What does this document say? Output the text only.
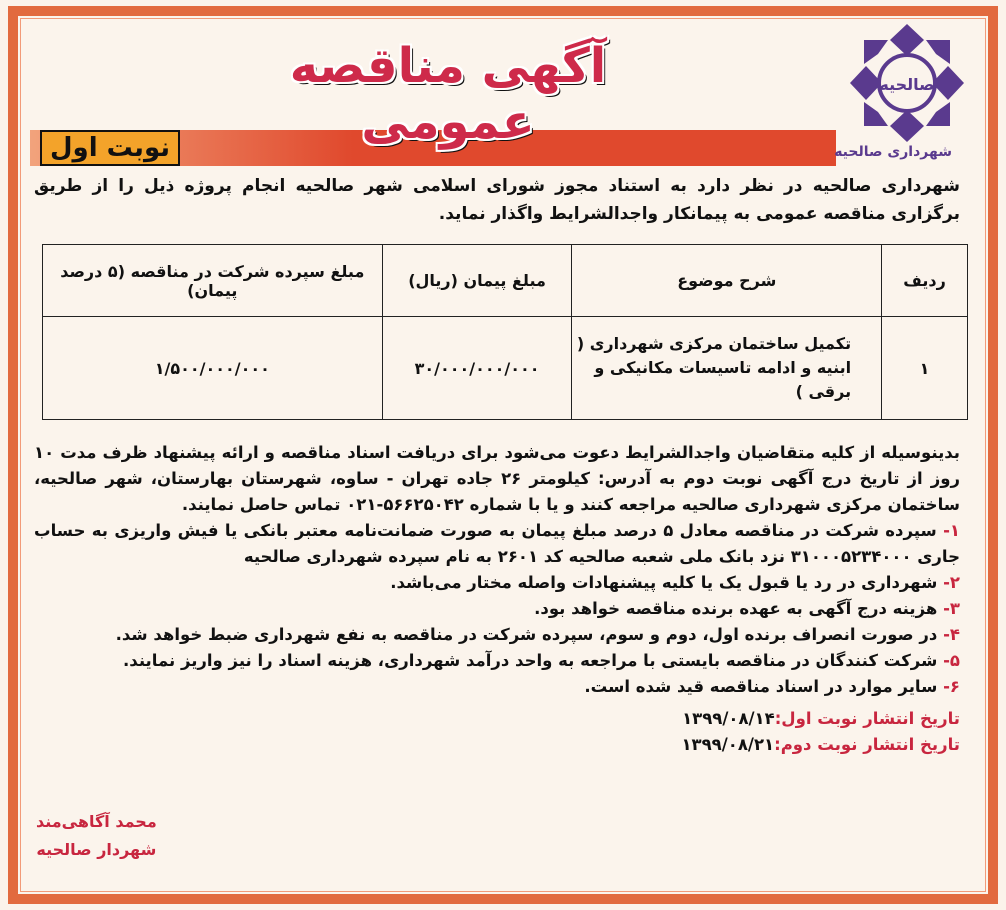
نوبت اول
آگهی مناقصه عمومی
صالحیه
شهرداری صالحیه
شهرداری صالحیه در نظر دارد به استناد مجوز شورای اسلامی شهر صالحیه انجام پروژه ذیل را از طریق برگزاری مناقصه عمومی به پیمانکار واجدالشرایط واگذار نماید.
ردیف	شرح موضوع	مبلغ پیمان (ریال)	مبلغ سپرده شرکت در مناقصه (۵ درصد پیمان)
۱	تکمیل ساختمان مرکزی شهرداری ( ابنیه و ادامه تاسیسات مکانیکی و برقی )	۳۰/۰۰۰/۰۰۰/۰۰۰	۱/۵۰۰/۰۰۰/۰۰۰

بدینوسیله از کلیه متقاضیان واجدالشرایط دعوت می‌شود برای دریافت اسناد مناقصه و ارائه پیشنهاد ظرف مدت ۱۰ روز از تاریخ درج آگهی نوبت دوم به آدرس: کیلومتر ۲۶ جاده تهران - ساوه، شهرستان بهارستان، شهر صالحیه، ساختمان مرکزی شهرداری صالحیه مراجعه کنند و یا با شماره ۵۶۶۲۵۰۴۲-۰۲۱ تماس حاصل نمایند.

۱- سپرده شرکت در مناقصه معادل ۵ درصد مبلغ پیمان به صورت ضمانت‌نامه معتبر بانکی یا فیش واریزی به حساب جاری ۳۱۰۰۰۵۲۳۴۰۰۰ نزد بانک ملی شعبه صالحیه کد ۲۶۰۱ به نام سپرده شهرداری صالحیه

۲- شهرداری در رد یا قبول یک یا کلیه پیشنهادات واصله مختار می‌باشد.

۳- هزینه درج آگهی به عهده برنده مناقصه خواهد بود.

۴- در صورت انصراف برنده اول، دوم و سوم، سپرده شرکت در مناقصه به نفع شهرداری ضبط خواهد شد.

۵- شرکت کنندگان در مناقصه بایستی با مراجعه به واحد درآمد شهرداری، هزینه اسناد را نیز واریز نمایند.

۶- سایر موارد در اسناد مناقصه قید شده است.

تاریخ انتشار نوبت اول:۱۳۹۹/۰۸/۱۴

تاریخ انتشار نوبت دوم:۱۳۹۹/۰۸/۲۱

محمد آگاهی‌مند

شهردار صالحیه
